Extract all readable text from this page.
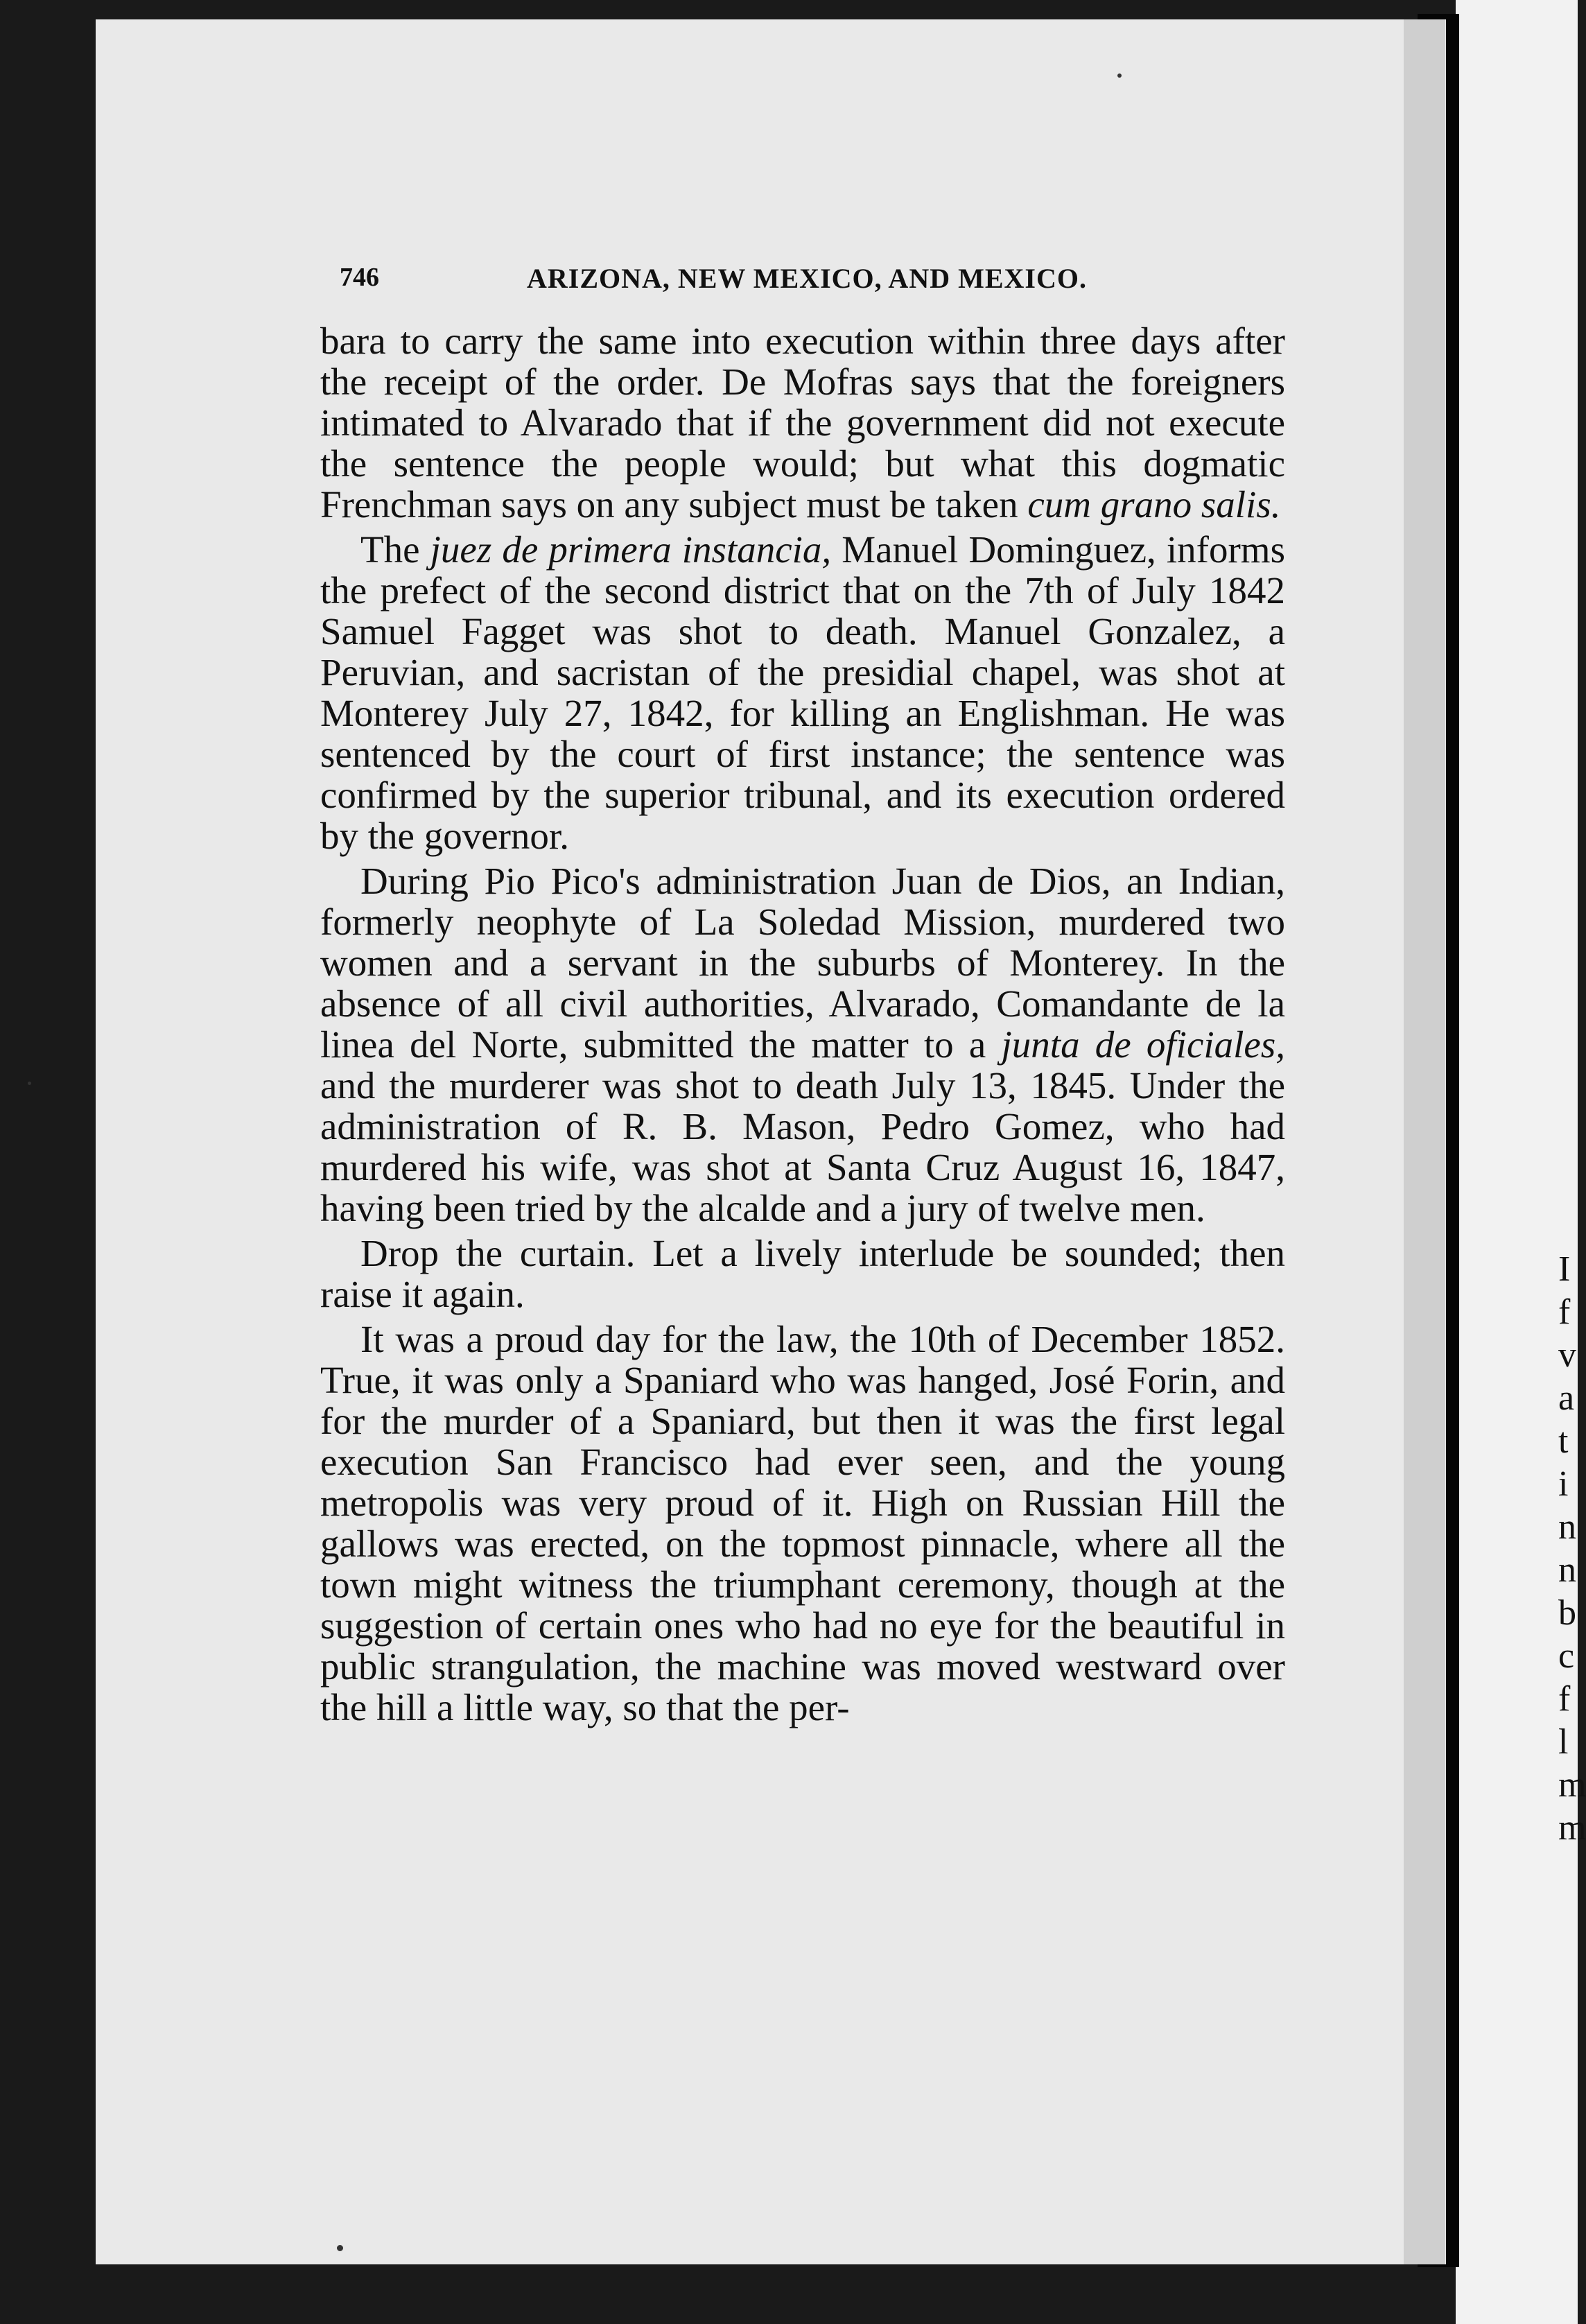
I
f
v
a
t
i
n
n
b
c
f
l
m
m
746	ARIZONA, NEW MEXICO, AND MEXICO.

bara to carry the same into execution within three days after the receipt of the order. De Mofras says that the foreigners intimated to Alvarado that if the government did not execute the sentence the people would; but what this dogmatic Frenchman says on any subject must be taken cum grano salis.

The juez de primera instancia, Manuel Dominguez, informs the prefect of the second district that on the 7th of July 1842 Samuel Fagget was shot to death. Manuel Gonzalez, a Peruvian, and sacristan of the presidial chapel, was shot at Monterey July 27, 1842, for killing an Englishman. He was sentenced by the court of first instance; the sentence was confirmed by the superior tribunal, and its execution ordered by the governor.

During Pio Pico's administration Juan de Dios, an Indian, formerly neophyte of La Soledad Mission, murdered two women and a servant in the suburbs of Monterey. In the absence of all civil authorities, Alvarado, Comandante de la linea del Norte, submitted the matter to a junta de oficiales, and the murderer was shot to death July 13, 1845. Under the administration of R. B. Mason, Pedro Gomez, who had murdered his wife, was shot at Santa Cruz August 16, 1847, having been tried by the alcalde and a jury of twelve men.

Drop the curtain. Let a lively interlude be sounded; then raise it again.

It was a proud day for the law, the 10th of December 1852. True, it was only a Spaniard who was hanged, José Forin, and for the murder of a Spaniard, but then it was the first legal execution San Francisco had ever seen, and the young metropolis was very proud of it. High on Russian Hill the gallows was erected, on the topmost pinnacle, where all the town might witness the triumphant ceremony, though at the suggestion of certain ones who had no eye for the beautiful in public strangulation, the machine was moved westward over the hill a little way, so that the per-
